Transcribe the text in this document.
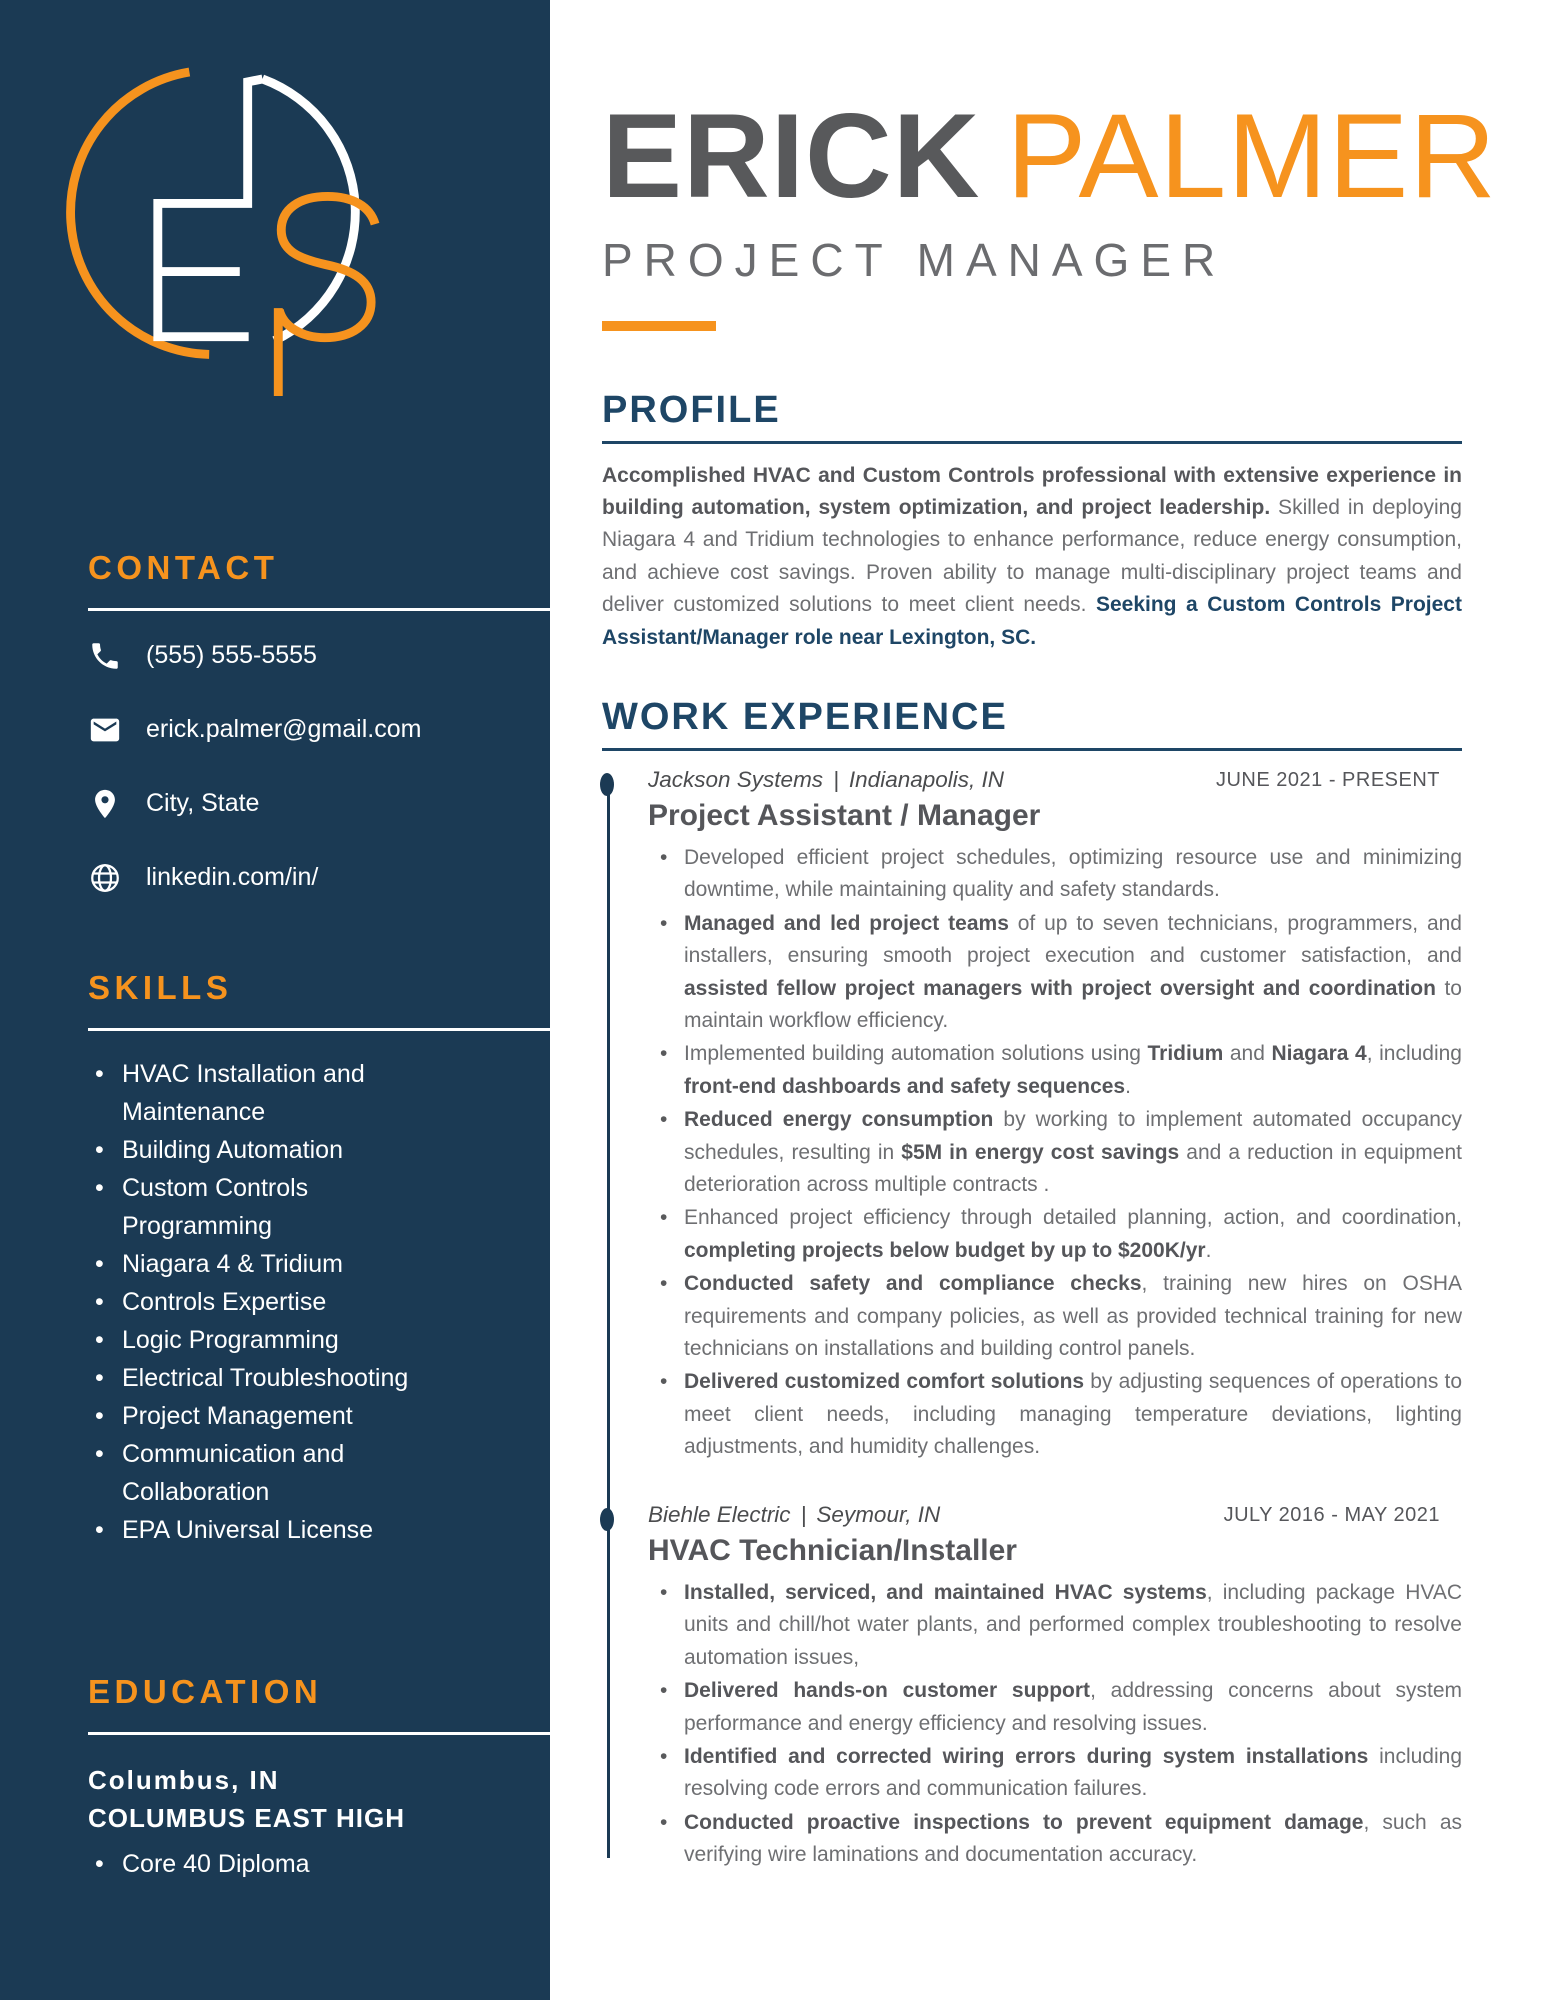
CONTACT
(555) 555-5555
erick.palmer@gmail.com
City, State
linkedin.com/in/
SKILLS
• HVAC Installation and Maintenance
• Building Automation
• Custom Controls Programming
• Niagara 4 & Tridium
• Controls Expertise
• Logic Programming
• Electrical Troubleshooting
• Project Management
• Communication and Collaboration
• EPA Universal License
EDUCATION
Columbus, IN
COLUMBUS EAST HIGH
• Core 40 Diploma
ERICK PALMER
PROJECT MANAGER
PROFILE

Accomplished HVAC and Custom Controls professional with extensive experience in building automation, system optimization, and project leadership. Skilled in deploying Niagara 4 and Tridium technologies to enhance performance, reduce energy consumption, and achieve cost savings. Proven ability to manage multi-disciplinary project teams and deliver customized solutions to meet client needs. Seeking a Custom Controls Project Assistant/Manager role near Lexington, SC.

WORK EXPERIENCE
Jackson Systems | Indianapolis, IN	JUNE 2021 - PRESENT
Project Assistant / Manager
• Developed efficient project schedules, optimizing resource use and minimizing downtime, while maintaining quality and safety standards.
• Managed and led project teams of up to seven technicians, programmers, and installers, ensuring smooth project execution and customer satisfaction, and assisted fellow project managers with project oversight and coordination to maintain workflow efficiency.
• Implemented building automation solutions using Tridium and Niagara 4, including front-end dashboards and safety sequences.
• Reduced energy consumption by working to implement automated occupancy schedules, resulting in $5M in energy cost savings and a reduction in equipment deterioration across multiple contracts .
• Enhanced project efficiency through detailed planning, action, and coordination, completing projects below budget by up to $200K/yr.
• Conducted safety and compliance checks, training new hires on OSHA requirements and company policies, as well as provided technical training for new technicians on installations and building control panels.
• Delivered customized comfort solutions by adjusting sequences of operations to meet client needs, including managing temperature deviations, lighting adjustments, and humidity challenges.
Biehle Electric | Seymour, IN	JULY 2016 - MAY 2021
HVAC Technician/Installer
• Installed, serviced, and maintained HVAC systems, including package HVAC units and chill/hot water plants, and performed complex troubleshooting to resolve automation issues,
• Delivered hands-on customer support, addressing concerns about system performance and energy efficiency and resolving issues.
• Identified and corrected wiring errors during system installations including resolving code errors and communication failures.
• Conducted proactive inspections to prevent equipment damage, such as verifying wire laminations and documentation accuracy.
